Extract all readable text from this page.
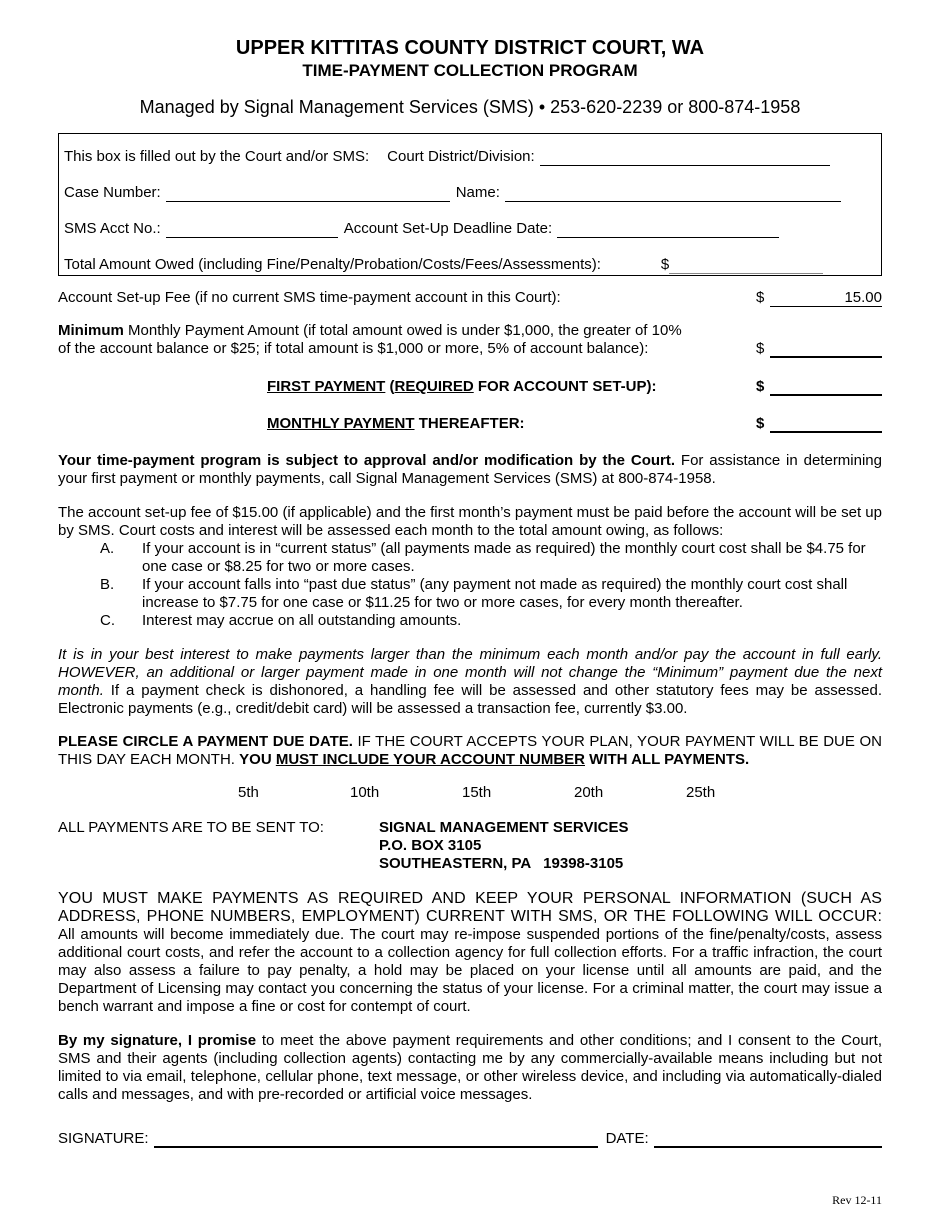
UPPER KITTITAS COUNTY DISTRICT COURT, WA
TIME-PAYMENT COLLECTION PROGRAM
Managed by Signal Management Services (SMS) • 253-620-2239 or 800-874-1958
This box is filled out by the Court and/or SMS: Court District/Division:
Case Number:	Name:
SMS Acct No.:	Account Set-Up Deadline Date:
Total Amount Owed (including Fine/Penalty/Probation/Costs/Fees/Assessments):	$
Account Set-up Fee (if no current SMS time-payment account in this Court):	$	15.00
Minimum Monthly Payment Amount (if total amount owed is under $1,000, the greater of 10%
of the account balance or $25; if total amount is $1,000 or more, 5% of account balance):	$
FIRST PAYMENT (REQUIRED FOR ACCOUNT SET-UP):	$
MONTHLY PAYMENT THEREAFTER:	$

Your time-payment program is subject to approval and/or modification by the Court. For assistance in determining your first payment or monthly payments, call Signal Management Services (SMS) at 800-874-1958.

The account set-up fee of $15.00 (if applicable) and the first month’s payment must be paid before the account will be set up by SMS. Court costs and interest will be assessed each month to the total amount owing, as follows:

A.	If your account is in “current status” (all payments made as required) the monthly court cost shall be $4.75 for one case or $8.25 for two or more cases.
B.	If your account falls into “past due status” (any payment not made as required) the monthly court cost shall increase to $7.75 for one case or $11.25 for two or more cases, for every month thereafter.
C.	Interest may accrue on all outstanding amounts.

It is in your best interest to make payments larger than the minimum each month and/or pay the account in full early. HOWEVER, an additional or larger payment made in one month will not change the “Minimum” payment due the next month. If a payment check is dishonored, a handling fee will be assessed and other statutory fees may be assessed. Electronic payments (e.g., credit/debit card) will be assessed a transaction fee, currently $3.00.

PLEASE CIRCLE A PAYMENT DUE DATE. IF THE COURT ACCEPTS YOUR PLAN, YOUR PAYMENT WILL BE DUE ON THIS DAY EACH MONTH. YOU MUST INCLUDE YOUR ACCOUNT NUMBER WITH ALL PAYMENTS.

5th	10th	15th	20th	25th
ALL PAYMENTS ARE TO BE SENT TO:	SIGNAL MANAGEMENT SERVICES
P.O. BOX 3105
SOUTHEASTERN, PA   19398-3105

YOU MUST MAKE PAYMENTS AS REQUIRED AND KEEP YOUR PERSONAL INFORMATION (SUCH AS ADDRESS, PHONE NUMBERS, EMPLOYMENT) CURRENT WITH SMS, OR THE FOLLOWING WILL OCCUR: All amounts will become immediately due. The court may re-impose suspended portions of the fine/penalty/costs, assess additional court costs, and refer the account to a collection agency for full collection efforts. For a traffic infraction, the court may also assess a failure to pay penalty, a hold may be placed on your license until all amounts are paid, and the Department of Licensing may contact you concerning the status of your license. For a criminal matter, the court may issue a bench warrant and impose a fine or cost for contempt of court.

By my signature, I promise to meet the above payment requirements and other conditions; and I consent to the Court, SMS and their agents (including collection agents) contacting me by any commercially-available means including but not limited to via email, telephone, cellular phone, text message, or other wireless device, and including via automatically-dialed calls and messages, and with pre-recorded or artificial voice messages.

SIGNATURE:	DATE:
Rev 12-11
